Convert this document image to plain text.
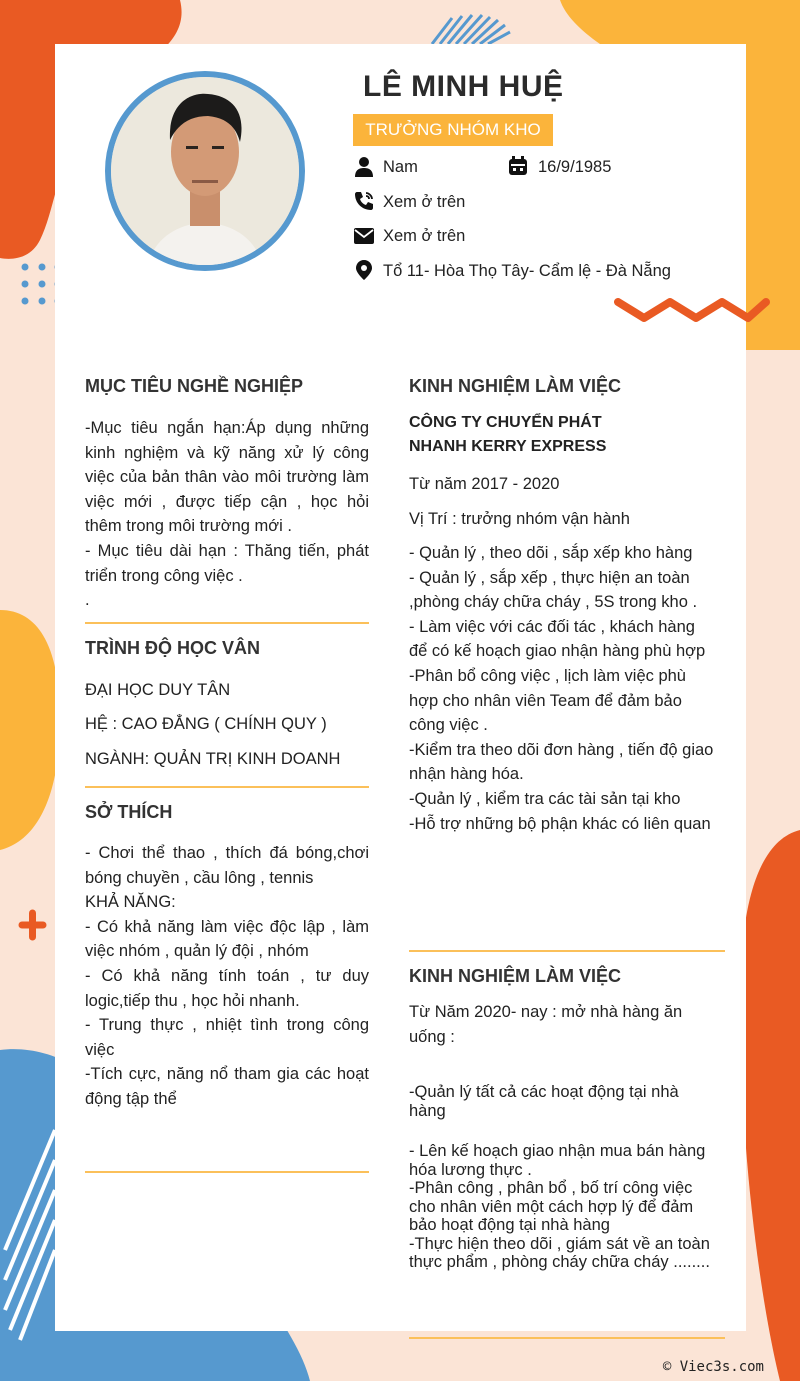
LÊ MINH HUỆ
TRƯỞNG NHÓM KHO
Nam	16/9/1985
Xem ở trên
Xem ở trên
Tổ 11- Hòa Thọ Tây- Cẩm lệ - Đà Nẵng
MỤC TIÊU NGHỀ NGHIỆP

-Mục tiêu ngắn hạn:Áp dụng những kinh nghiệm và kỹ năng xử lý công việc của bản thân vào môi trường làm việc mới , được tiếp cận , học hỏi thêm trong môi trường mới .

- Mục tiêu dài hạn : Thăng tiến, phát triển trong công việc .

.

TRÌNH ĐỘ HỌC VÂN
ĐẠI HỌC DUY TÂN
HỆ : CAO ĐẲNG ( CHÍNH QUY )
NGÀNH: QUẢN TRỊ KINH DOANH
SỞ THÍCH

- Chơi thể thao , thích đá bóng,chơi bóng chuyền , cầu lông , tennis

KHẢ NĂNG:

- Có khả năng làm việc độc lập , làm việc nhóm , quản lý đội , nhóm

- Có khả năng tính toán , tư duy logic,tiếp thu , học hỏi nhanh.

- Trung thực , nhiệt tình trong công việc

-Tích cực, năng nổ tham gia các hoạt động tập thể

KINH NGHIỆM LÀM VIỆC
CÔNG TY CHUYỂN PHÁT NHANH KERRY EXPRESS
Từ năm 2017 - 2020
Vị Trí : trưởng nhóm vận hành

- Quản lý , theo dõi , sắp xếp kho hàng

- Quản lý , sắp xếp , thực hiện an toàn ,phòng cháy chữa cháy , 5S trong kho .

- Làm việc với các đối tác , khách hàng để có kế hoạch giao nhận hàng phù hợp

-Phân bổ công việc , lịch làm việc phù hợp cho nhân viên Team để đảm bảo công việc .

-Kiểm tra theo dõi đơn hàng , tiến độ giao nhận hàng hóa.

-Quản lý , kiểm tra các tài sản tại kho

-Hỗ trợ những bộ phận khác có liên quan

KINH NGHIỆM LÀM VIỆC
Từ Năm 2020- nay : mở nhà hàng ăn uống :
-Quản lý tất cả các hoạt động tại nhà hàng

- Lên kế hoạch giao nhận mua bán hàng hóa lương thực .

-Phân công , phân bổ , bố trí công việc cho nhân viên một cách hợp lý để đảm bảo hoạt động tại nhà hàng

-Thực hiện theo dõi , giám sát về an toàn thực phẩm , phòng cháy chữa cháy ........

© Viec3s.com
